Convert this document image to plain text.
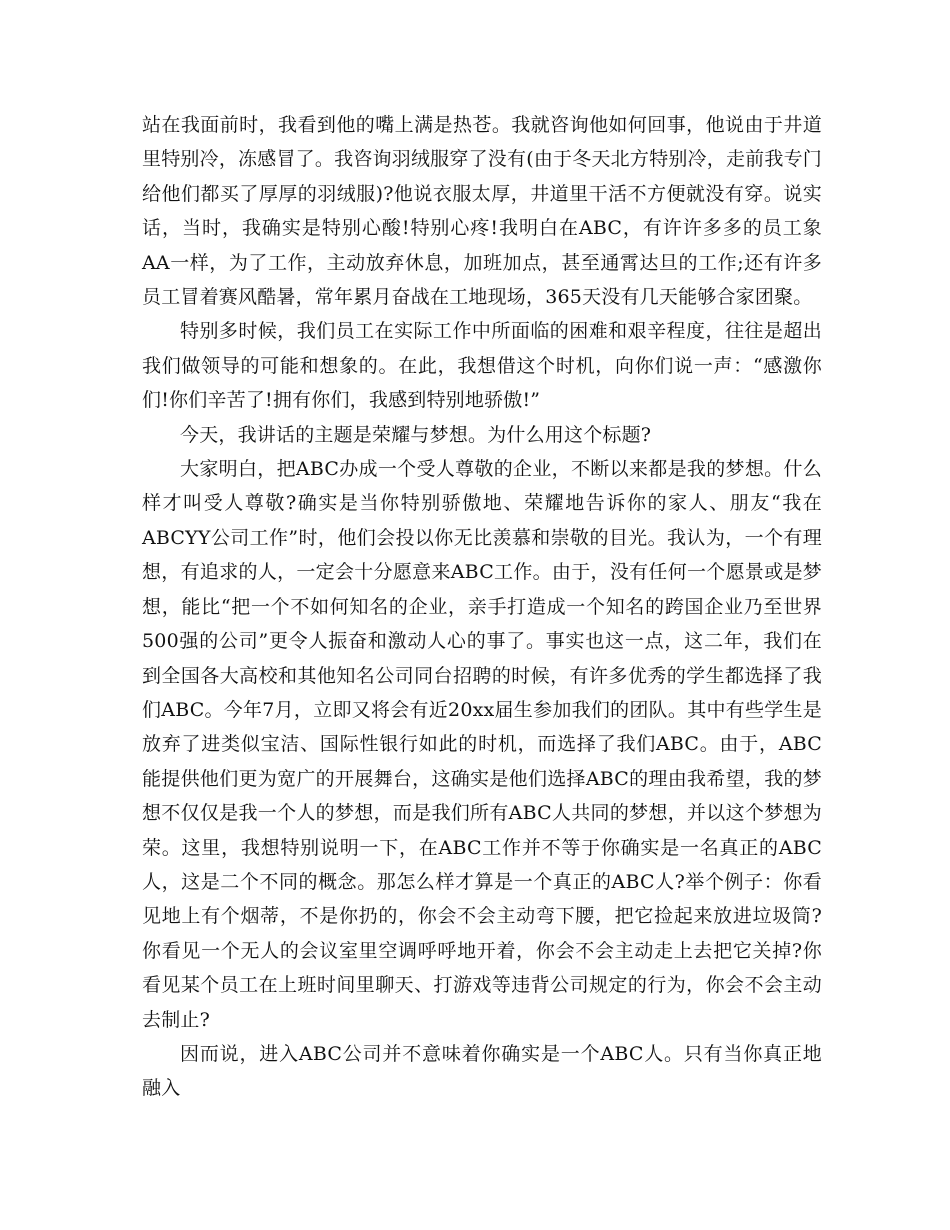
站在我面前时，我看到他的嘴上满是热苍。我就咨询他如何回事，他说由于井道里特别冷，冻感冒了。我咨询羽绒服穿了没有(由于冬天北方特别冷，走前我专门给他们都买了厚厚的羽绒服)?他说衣服太厚，井道里干活不方便就没有穿。说实话，当时，我确实是特别心酸!特别心疼!我明白在ABC，有许许多多的员工象AA一样，为了工作，主动放弃休息，加班加点，甚至通霄达旦的工作;还有许多员工冒着赛风酷暑，常年累月奋战在工地现场，365天没有几天能够合家团聚。

特别多时候，我们员工在实际工作中所面临的困难和艰辛程度，往往是超出我们做领导的可能和想象的。在此，我想借这个时机，向你们说一声：“感激你们!你们辛苦了!拥有你们，我感到特别地骄傲!”

今天，我讲话的主题是荣耀与梦想。为什么用这个标题?

大家明白，把ABC办成一个受人尊敬的企业，不断以来都是我的梦想。什么样才叫受人尊敬?确实是当你特别骄傲地、荣耀地告诉你的家人、朋友“我在ABCYY公司工作”时，他们会投以你无比羡慕和崇敬的目光。我认为，一个有理想，有追求的人，一定会十分愿意来ABC工作。由于，没有任何一个愿景或是梦想，能比“把一个不如何知名的企业，亲手打造成一个知名的跨国企业乃至世界500强的公司”更令人振奋和激动人心的事了。事实也这一点，这二年，我们在到全国各大高校和其他知名公司同台招聘的时候，有许多优秀的学生都选择了我们ABC。今年7月，立即又将会有近20xx届生参加我们的团队。其中有些学生是放弃了进类似宝洁、国际性银行如此的时机，而选择了我们ABC。由于，ABC能提供他们更为宽广的开展舞台，这确实是他们选择ABC的理由我希望，我的梦想不仅仅是我一个人的梦想，而是我们所有ABC人共同的梦想，并以这个梦想为荣。这里，我想特别说明一下，在ABC工作并不等于你确实是一名真正的ABC人，这是二个不同的概念。那怎么样才算是一个真正的ABC人?举个例子：你看见地上有个烟蒂，不是你扔的，你会不会主动弯下腰，把它捡起来放进垃圾筒?你看见一个无人的会议室里空调呼呼地开着，你会不会主动走上去把它关掉?你看见某个员工在上班时间里聊天、打游戏等违背公司规定的行为，你会不会主动去制止?

因而说，进入ABC公司并不意味着你确实是一个ABC人。只有当你真正地融入
